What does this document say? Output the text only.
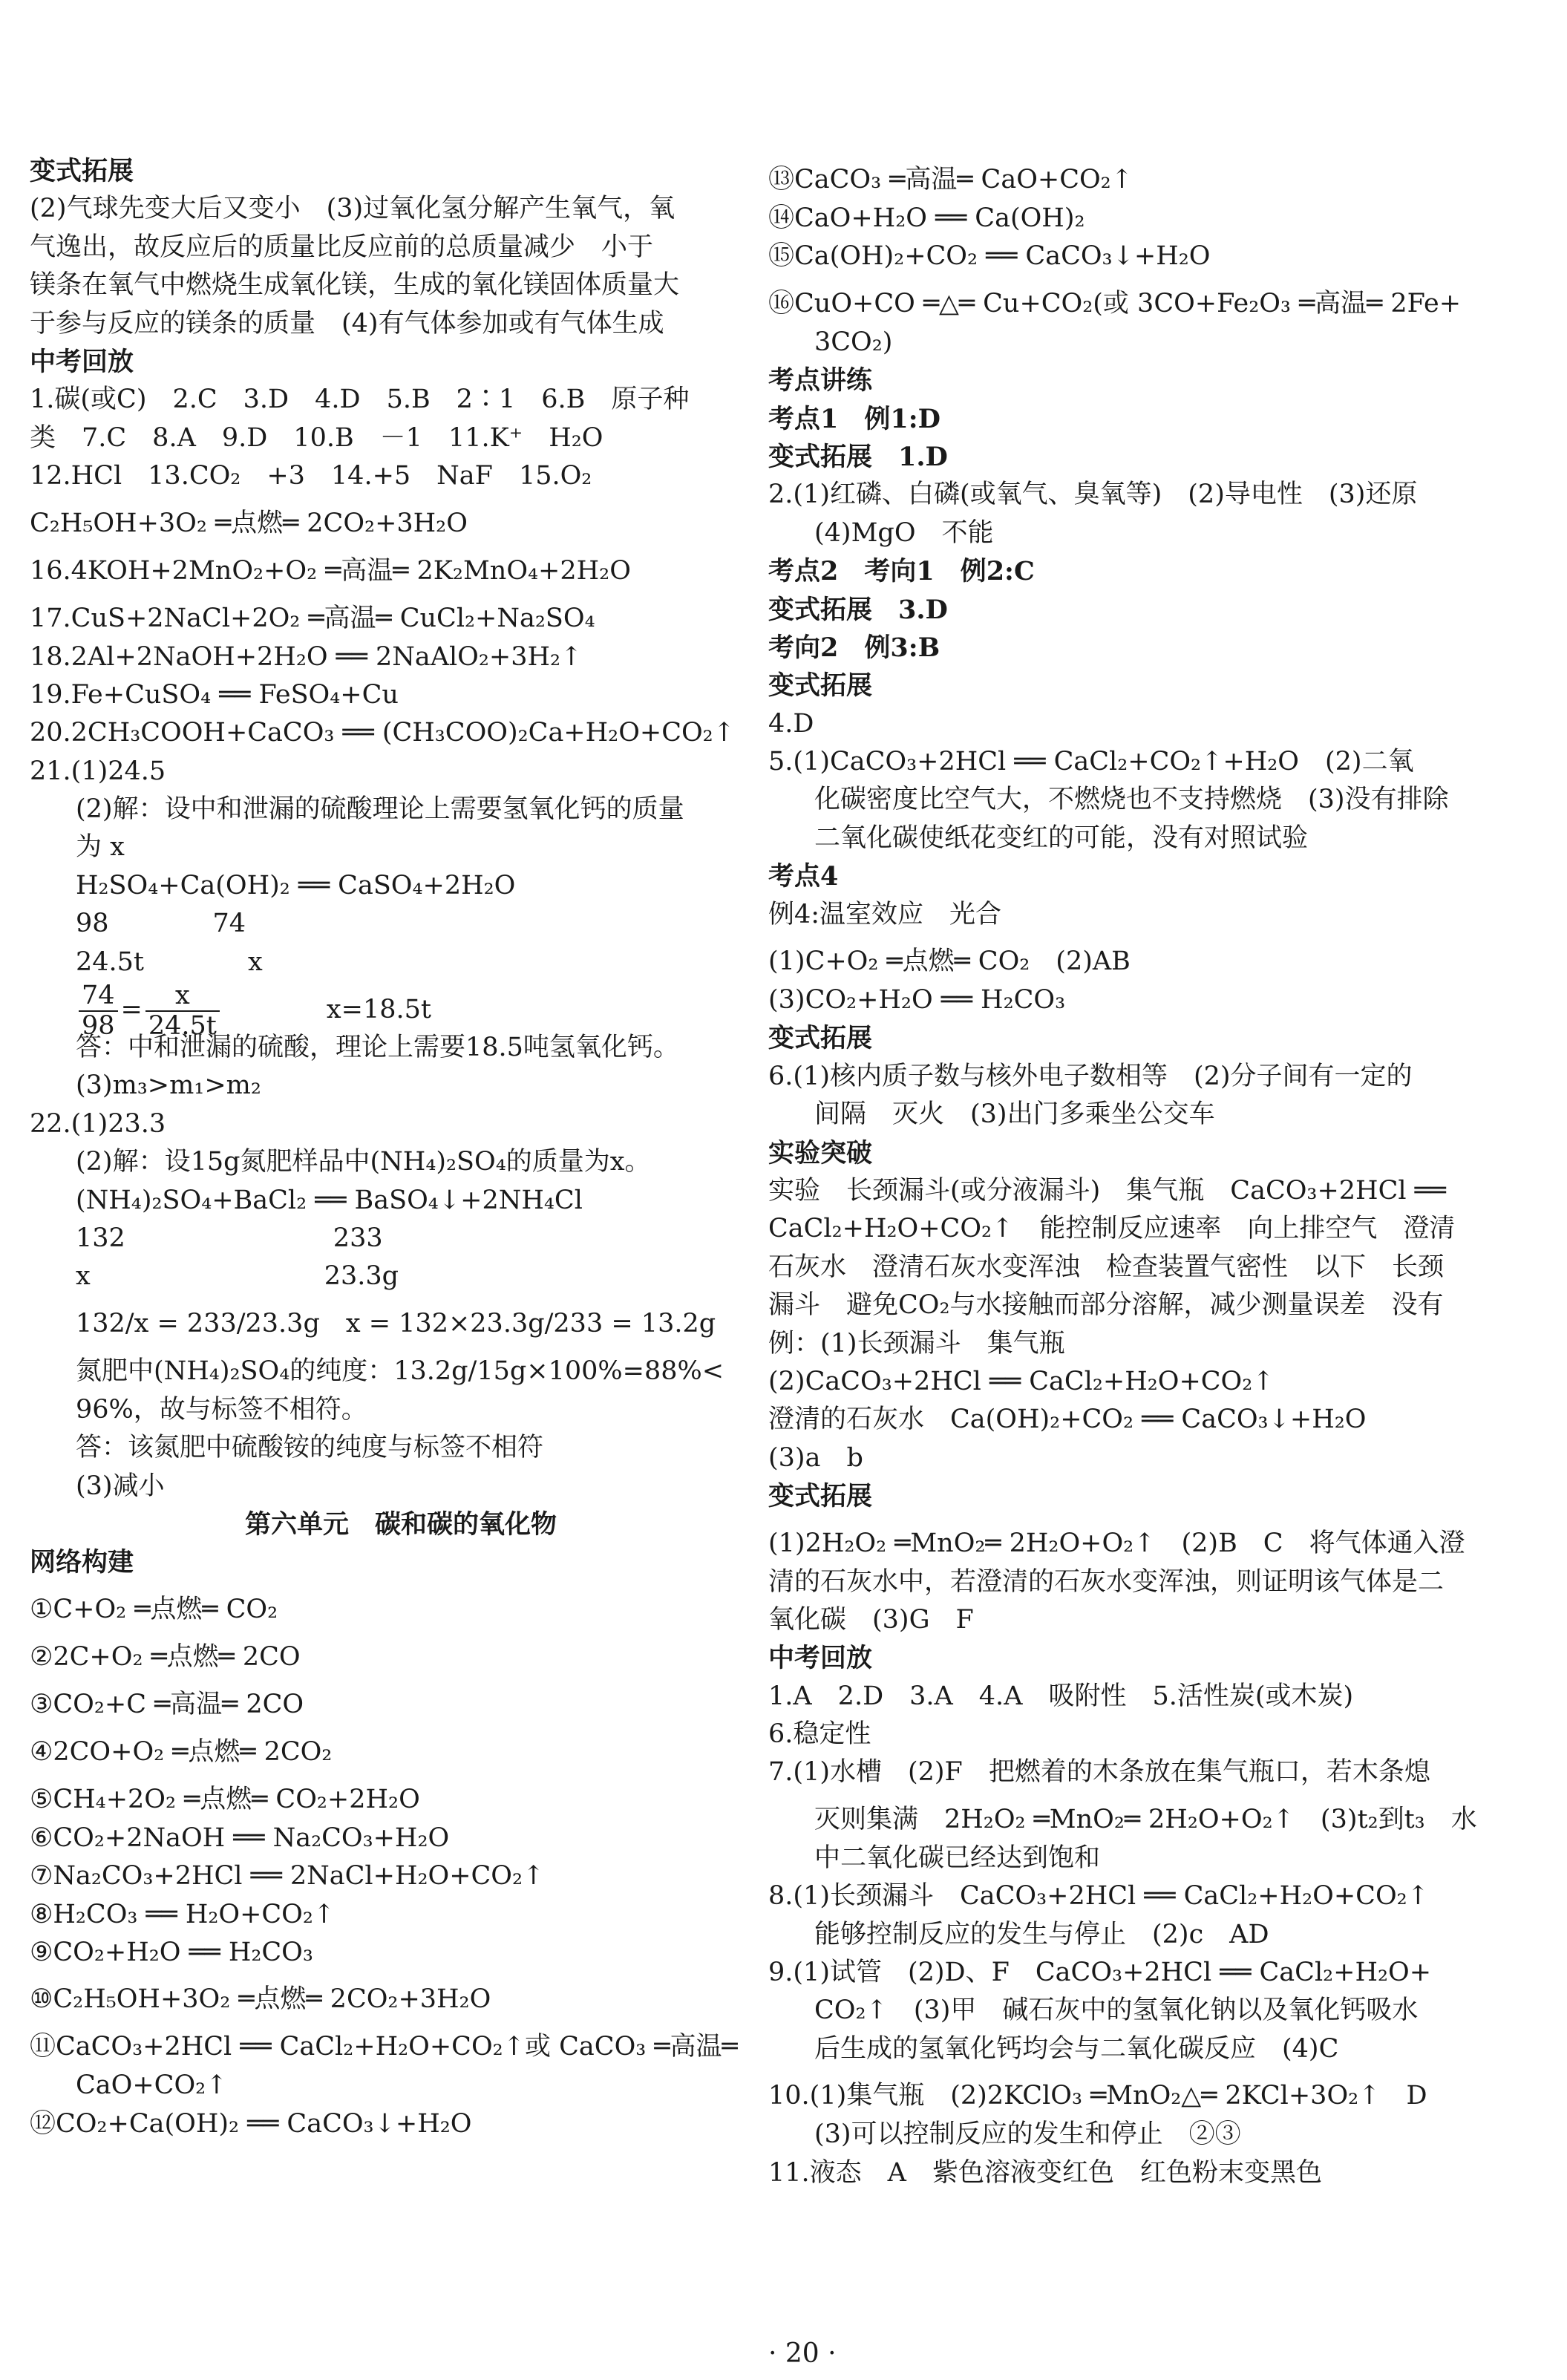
变式拓展
(2)气球先变大后又变小　(3)过氧化氢分解产生氧气，氧
气逸出，故反应后的质量比反应前的总质量减少　小于
镁条在氧气中燃烧生成氧化镁，生成的氧化镁固体质量大
于参与反应的镁条的质量　(4)有气体参加或有气体生成
中考回放
1.碳(或C)　2.C　3.D　4.D　5.B　2∶1　6.B　原子种
类　7.C　8.A　9.D　10.B　－1　11.K⁺　H₂O
12.HCl　13.CO₂　+3　14.+5　NaF　15.O₂
C₂H₅OH+3O₂ ═点燃═ 2CO₂+3H₂O
16.4KOH+2MnO₂+O₂ ═高温═ 2K₂MnO₄+2H₂O
17.CuS+2NaCl+2O₂ ═高温═ CuCl₂+Na₂SO₄
18.2Al+2NaOH+2H₂O ══ 2NaAlO₂+3H₂↑
19.Fe+CuSO₄ ══ FeSO₄+Cu
20.2CH₃COOH+CaCO₃ ══ (CH₃COO)₂Ca+H₂O+CO₂↑
21.(1)24.5
(2)解：设中和泄漏的硫酸理论上需要氢氧化钙的质量
为 x
H₂SO₄+Ca(OH)₂ ══ CaSO₄+2H₂O
98　　　　74
24.5t　　　　x
$\frac{74}{98} = \frac{x}{24.5t}$ 　　　　x=18.5t
答：中和泄漏的硫酸，理论上需要18.5吨氢氧化钙。
(3)m₃>m₁>m₂
22.(1)23.3
(2)解：设15g氮肥样品中(NH₄)₂SO₄的质量为x。
(NH₄)₂SO₄+BaCl₂ ══ BaSO₄↓+2NH₄Cl
132　　　　　　　　233
x　　　　　　　　　23.3g
132/x = 233/23.3g　x = 132×23.3g/233 = 13.2g
氮肥中(NH₄)₂SO₄的纯度：13.2g/15g×100%=88%<
96%，故与标签不相符。
答：该氮肥中硫酸铵的纯度与标签不相符
(3)减小
第六单元　碳和碳的氧化物
网络构建
①C+O₂ ═点燃═ CO₂
②2C+O₂ ═点燃═ 2CO
③CO₂+C ═高温═ 2CO
④2CO+O₂ ═点燃═ 2CO₂
⑤CH₄+2O₂ ═点燃═ CO₂+2H₂O
⑥CO₂+2NaOH ══ Na₂CO₃+H₂O
⑦Na₂CO₃+2HCl ══ 2NaCl+H₂O+CO₂↑
⑧H₂CO₃ ══ H₂O+CO₂↑
⑨CO₂+H₂O ══ H₂CO₃
⑩C₂H₅OH+3O₂ ═点燃═ 2CO₂+3H₂O
⑪CaCO₃+2HCl ══ CaCl₂+H₂O+CO₂↑或 CaCO₃ ═高温═
CaO+CO₂↑
⑫CO₂+Ca(OH)₂ ══ CaCO₃↓+H₂O
⑬CaCO₃ ═高温═ CaO+CO₂↑
⑭CaO+H₂O ══ Ca(OH)₂
⑮Ca(OH)₂+CO₂ ══ CaCO₃↓+H₂O
⑯CuO+CO ═△═ Cu+CO₂(或 3CO+Fe₂O₃ ═高温═ 2Fe+
3CO₂)
考点讲练
考点1　例1:D
变式拓展　1.D
2.(1)红磷、白磷(或氧气、臭氧等)　(2)导电性　(3)还原
(4)MgO　不能
考点2　考向1　例2:C
变式拓展　3.D
考向2　例3:B
变式拓展
4.D
5.(1)CaCO₃+2HCl ══ CaCl₂+CO₂↑+H₂O　(2)二氧
化碳密度比空气大，不燃烧也不支持燃烧　(3)没有排除
二氧化碳使纸花变红的可能，没有对照试验
考点4
例4:温室效应　光合
(1)C+O₂ ═点燃═ CO₂　(2)AB
(3)CO₂+H₂O ══ H₂CO₃
变式拓展
6.(1)核内质子数与核外电子数相等　(2)分子间有一定的
间隔　灭火　(3)出门多乘坐公交车
实验突破
实验　长颈漏斗(或分液漏斗)　集气瓶　CaCO₃+2HCl ══
CaCl₂+H₂O+CO₂↑　能控制反应速率　向上排空气　澄清
石灰水　澄清石灰水变浑浊　检查装置气密性　以下　长颈
漏斗　避免CO₂与水接触而部分溶解，减少测量误差　没有
例：(1)长颈漏斗　集气瓶
(2)CaCO₃+2HCl ══ CaCl₂+H₂O+CO₂↑
澄清的石灰水　Ca(OH)₂+CO₂ ══ CaCO₃↓+H₂O
(3)a　b
变式拓展
(1)2H₂O₂ ═MnO₂═ 2H₂O+O₂↑　(2)B　C　将气体通入澄
清的石灰水中，若澄清的石灰水变浑浊，则证明该气体是二
氧化碳　(3)G　F
中考回放
1.A　2.D　3.A　4.A　吸附性　5.活性炭(或木炭)
6.稳定性
7.(1)水槽　(2)F　把燃着的木条放在集气瓶口，若木条熄
灭则集满　2H₂O₂ ═MnO₂═ 2H₂O+O₂↑　(3)t₂到t₃　水
中二氧化碳已经达到饱和
8.(1)长颈漏斗　CaCO₃+2HCl ══ CaCl₂+H₂O+CO₂↑
能够控制反应的发生与停止　(2)c　AD
9.(1)试管　(2)D、F　CaCO₃+2HCl ══ CaCl₂+H₂O+
CO₂↑　(3)甲　碱石灰中的氢氧化钠以及氧化钙吸水
后生成的氢氧化钙均会与二氧化碳反应　(4)C
10.(1)集气瓶　(2)2KClO₃ ═MnO₂△═ 2KCl+3O₂↑　D
(3)可以控制反应的发生和停止　②③
11.液态　A　紫色溶液变红色　红色粉末变黑色
· 20 ·
